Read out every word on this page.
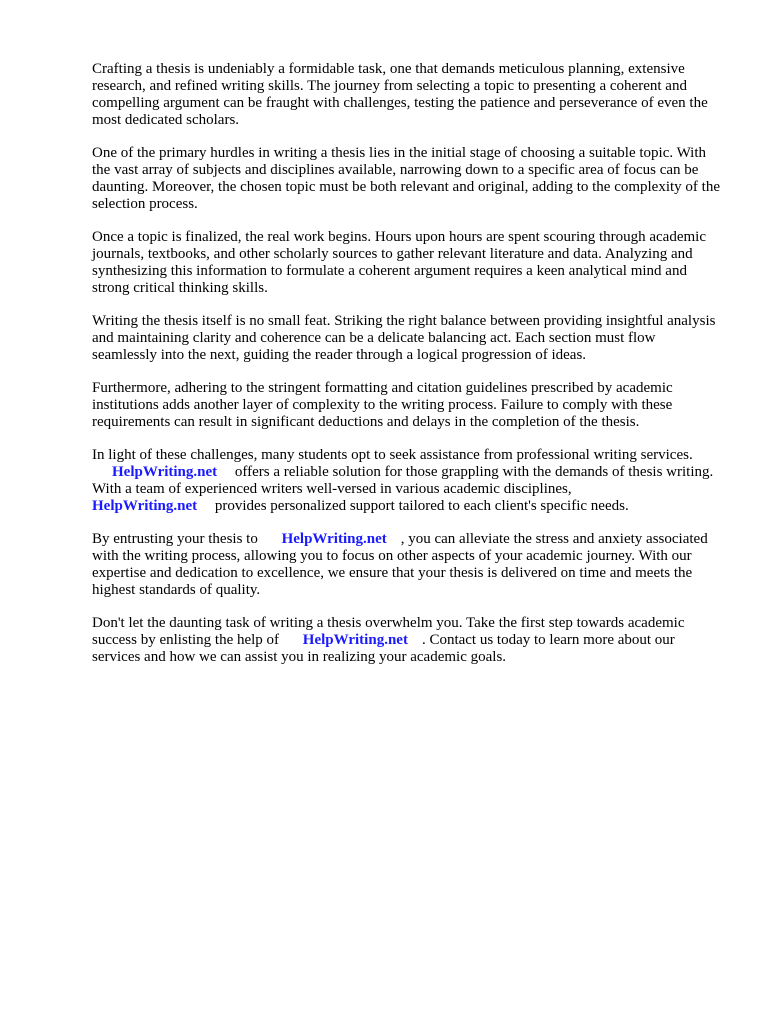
Crafting a thesis is undeniably a formidable task, one that demands meticulous planning, extensive research, and refined writing skills. The journey from selecting a topic to presenting a coherent and compelling argument can be fraught with challenges, testing the patience and perseverance of even the most dedicated scholars.

One of the primary hurdles in writing a thesis lies in the initial stage of choosing a suitable topic. With the vast array of subjects and disciplines available, narrowing down to a specific area of focus can be daunting. Moreover, the chosen topic must be both relevant and original, adding to the complexity of the selection process.

Once a topic is finalized, the real work begins. Hours upon hours are spent scouring through academic journals, textbooks, and other scholarly sources to gather relevant literature and data. Analyzing and synthesizing this information to formulate a coherent argument requires a keen analytical mind and strong critical thinking skills.

Writing the thesis itself is no small feat. Striking the right balance between providing insightful analysis and maintaining clarity and coherence can be a delicate balancing act. Each section must flow seamlessly into the next, guiding the reader through a logical progression of ideas.

Furthermore, adhering to the stringent formatting and citation guidelines prescribed by academic institutions adds another layer of complexity to the writing process. Failure to comply with these requirements can result in significant deductions and delays in the completion of the thesis.

In light of these challenges, many students opt to seek assistance from professional writing services.
HelpWriting.net offers a reliable solution for those grappling with the demands of thesis writing. With a team of experienced writers well-versed in various academic disciplines,
HelpWriting.net provides personalized support tailored to each client's specific needs.

By entrusting your thesis to HelpWriting.net , you can alleviate the stress and anxiety associated with the writing process, allowing you to focus on other aspects of your academic journey. With our expertise and dedication to excellence, we ensure that your thesis is delivered on time and meets the highest standards of quality.

Don't let the daunting task of writing a thesis overwhelm you. Take the first step towards academic success by enlisting the help of HelpWriting.net . Contact us today to learn more about our services and how we can assist you in realizing your academic goals.
